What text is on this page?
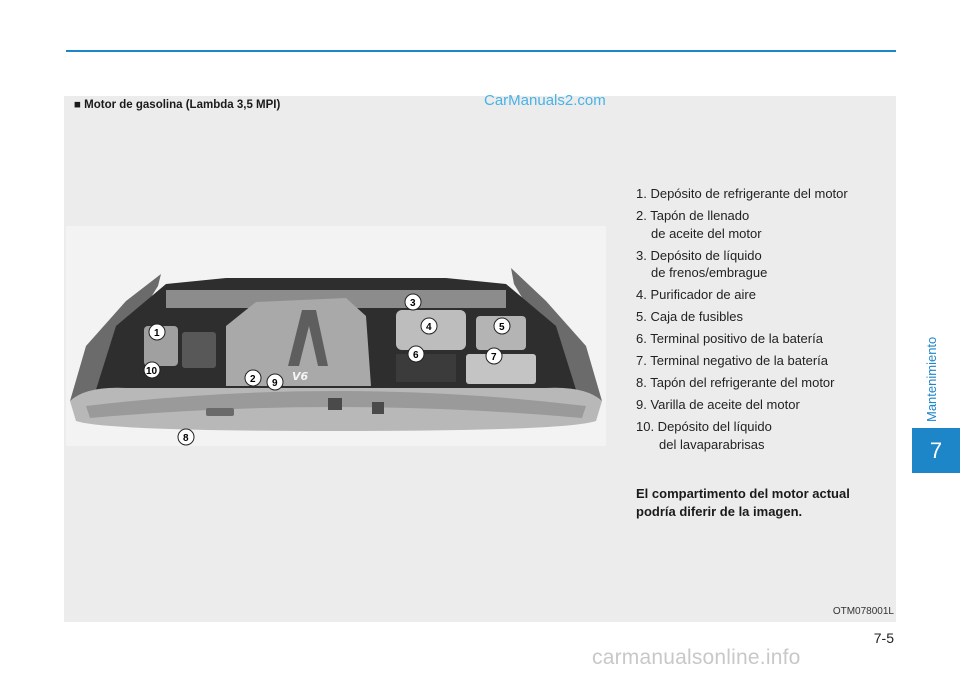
■ Motor de gasolina (Lambda 3,5 MPI)	CarManuals2.com
V6
1
2
3
4	5
6	7
8
9
10
1. Depósito de refrigerante del motor
2. Tapón de llenado
de aceite del motor
3. Depósito de líquido
de frenos/embrague
4. Purificador de aire
5. Caja de fusibles
6. Terminal positivo de la batería
7. Terminal negativo de la batería
8. Tapón del refrigerante del motor
9. Varilla de aceite del motor
10. Depósito del líquido
del lavaparabrisas
El compartimento del motor actual podría diferir de la imagen.
OTM078001L
Mantenimiento
7
7-5
carmanualsonline.info
